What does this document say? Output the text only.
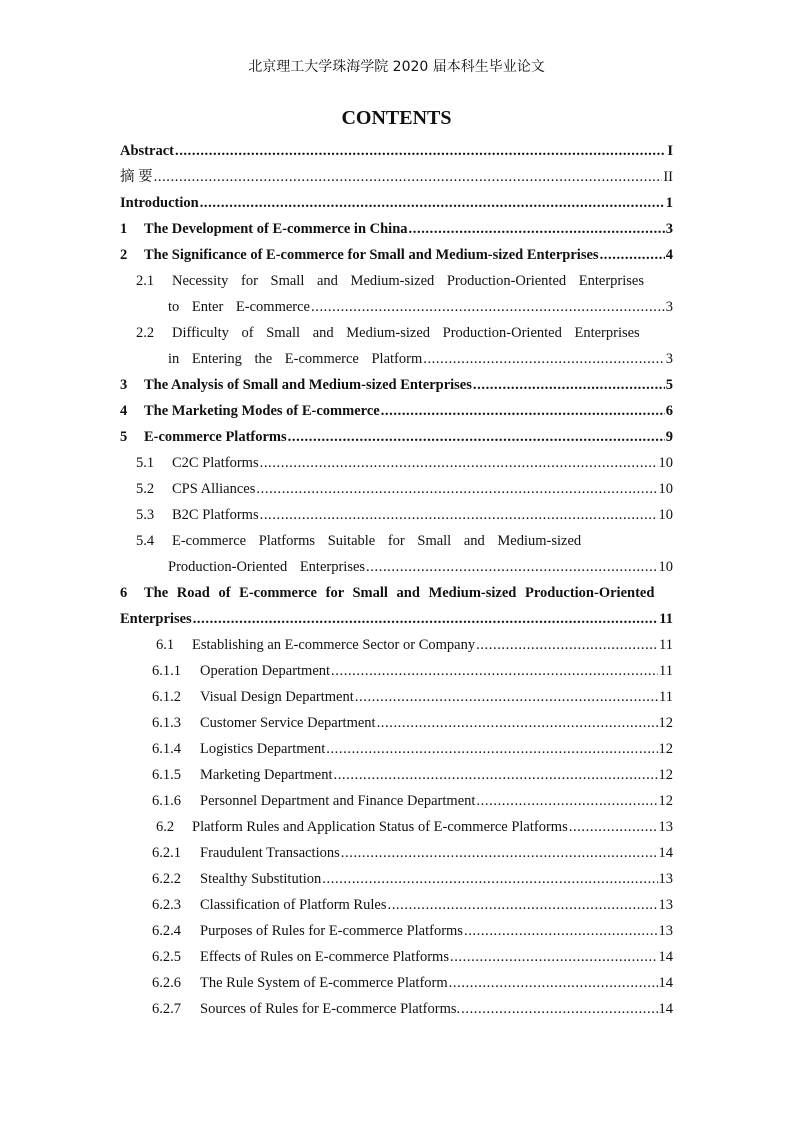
北京理工大学珠海学院 2020 届本科生毕业论文
CONTENTS
Abstract .....	I
摘 要 .....	II
Introduction .....	1
1	The Development of E-commerce in China .....	3
2	The Significance of E-commerce for Small and Medium-sized Enterprises .....	4
2.1	Necessity for Small and Medium-sized Production-Oriented Enterprises
to Enter E-commerce .....	3
2.2	Difficulty of Small and Medium-sized Production-Oriented Enterprises
in Entering the E-commerce Platform .....	3
3	The Analysis of Small and Medium-sized Enterprises .....	5
4	The Marketing Modes of E-commerce .....	6
5	E-commerce Platforms .....	9
5.1	C2C Platforms .....	10
5.2	CPS Alliances .....	10
5.3	B2C Platforms .....	10
5.4	E-commerce Platforms Suitable for Small and Medium-sized
Production-Oriented Enterprises .....	10
6	The Road of E-commerce for Small and Medium-sized Production-Oriented
Enterprises .....	11
6.1	Establishing an E-commerce Sector or Company .....	11
6.1.1	Operation Department .....	11
6.1.2	Visual Design Department .....	11
6.1.3	Customer Service Department .....	12
6.1.4	Logistics Department .....	12
6.1.5	Marketing Department .....	12
6.1.6	Personnel Department and Finance Department .....	12
6.2	Platform Rules and Application Status of E-commerce Platforms .....	13
6.2.1	Fraudulent Transactions .....	14
6.2.2	Stealthy Substitution .....	13
6.2.3	Classification of Platform Rules .....	13
6.2.4	Purposes of Rules for E-commerce Platforms .....	13
6.2.5	Effects of Rules on E-commerce Platforms .....	14
6.2.6	The Rule System of E-commerce Platform .....	14
6.2.7	Sources of Rules for E-commerce Platforms. .....	14
